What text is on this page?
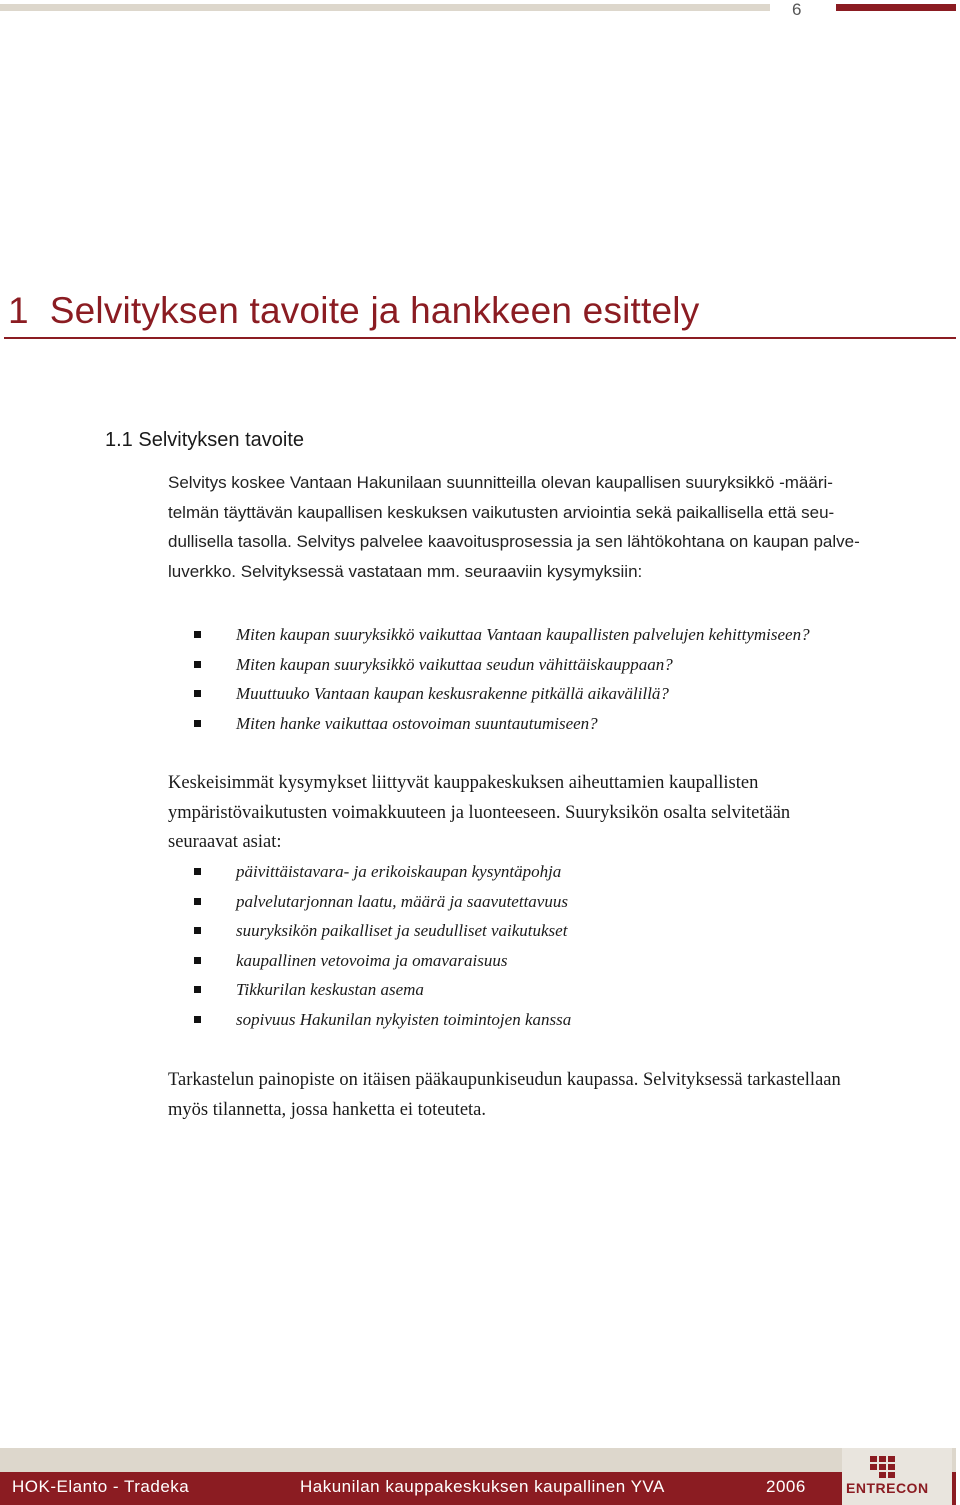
6
1  Selvityksen tavoite ja hankkeen esittely
1.1 Selvityksen tavoite
Selvitys koskee Vantaan Hakunilaan suunnitteilla olevan kaupallisen suuryksikkö -määri-
telmän täyttävän kaupallisen keskuksen vaikutusten arviointia sekä paikallisella että seu-
dullisella tasolla. Selvitys palvelee kaavoitusprosessia ja sen lähtökohtana on kaupan palve-
luverkko. Selvityksessä vastataan mm. seuraaviin kysymyksiin:
Miten kaupan suuryksikkö vaikuttaa Vantaan kaupallisten palvelujen kehittymiseen?
Miten kaupan suuryksikkö vaikuttaa seudun vähittäiskauppaan?
Muuttuuko Vantaan kaupan keskusrakenne pitkällä aikavälillä?
Miten hanke vaikuttaa ostovoiman suuntautumiseen?
Keskeisimmät kysymykset liittyvät kauppakeskuksen aiheuttamien kaupallisten
ympäristövaikutusten voimakkuuteen ja luonteeseen. Suuryksikön osalta selvitetään
seuraavat asiat:
päivittäistavara- ja erikoiskaupan kysyntäpohja
palvelutarjonnan laatu, määrä ja saavutettavuus
suuryksikön paikalliset ja seudulliset vaikutukset
kaupallinen vetovoima ja omavaraisuus
Tikkurilan keskustan asema
sopivuus Hakunilan nykyisten toimintojen kanssa
Tarkastelun painopiste on itäisen pääkaupunkiseudun kaupassa. Selvityksessä tarkastellaan
myös tilannetta, jossa hanketta ei toteuteta.
HOK-Elanto - Tradeka	Hakunilan kauppakeskuksen kaupallinen YVA	2006	ENTRECON
